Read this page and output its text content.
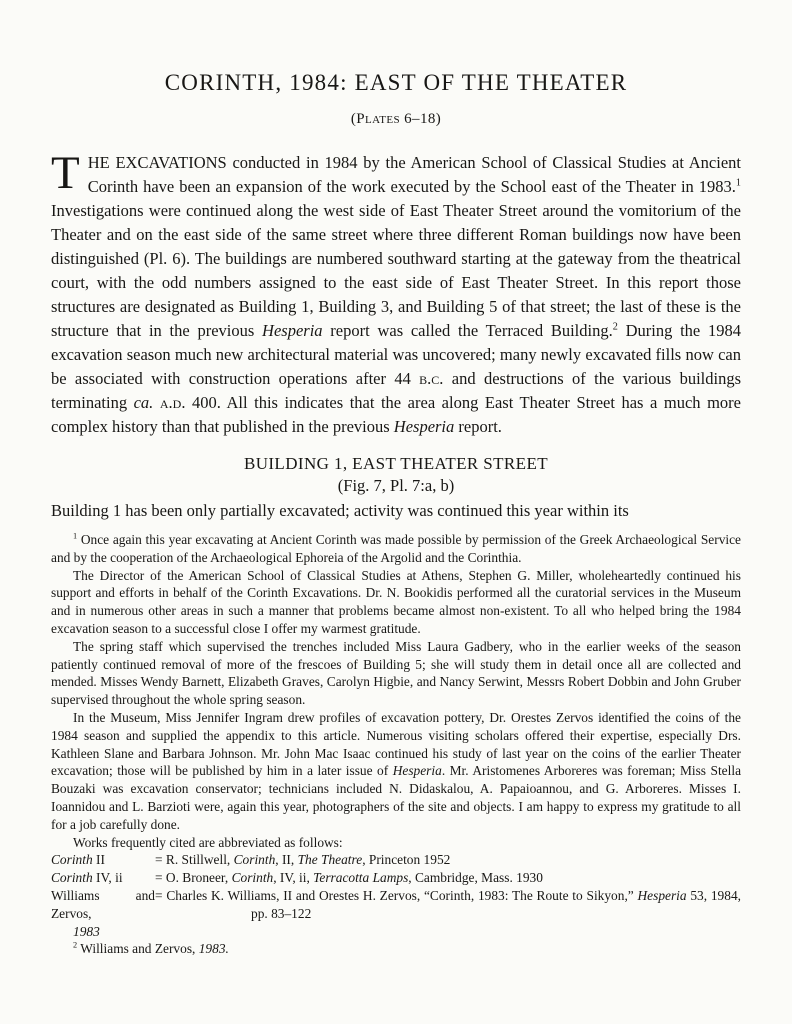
CORINTH, 1984: EAST OF THE THEATER
(Plates 6–18)

THE EXCAVATIONS conducted in 1984 by the American School of Classical Studies at Ancient Corinth have been an expansion of the work executed by the School east of the Theater in 1983.$^1$ Investigations were continued along the west side of East Theater Street around the vomitorium of the Theater and on the east side of the same street where three different Roman buildings now have been distinguished (Pl. 6). The buildings are numbered southward starting at the gateway from the theatrical court, with the odd numbers assigned to the east side of East Theater Street. In this report those structures are designated as Building 1, Building 3, and Building 5 of that street; the last of these is the structure that in the previous Hesperia report was called the Terraced Building.$^2$ During the 1984 excavation season much new architectural material was uncovered; many newly excavated fills now can be associated with construction operations after 44 b.c. and destructions of the various buildings terminating ca. a.d. 400. All this indicates that the area along East Theater Street has a much more complex history than that published in the previous Hesperia report.

BUILDING 1, EAST THEATER STREET
(Fig. 7, Pl. 7:a, b)

Building 1 has been only partially excavated; activity was continued this year within its

$^1$ Once again this year excavating at Ancient Corinth was made possible by permission of the Greek Archaeological Service and by the cooperation of the Archaeological Ephoreia of the Argolid and the Corinthia.

The Director of the American School of Classical Studies at Athens, Stephen G. Miller, wholeheartedly continued his support and efforts in behalf of the Corinth Excavations. Dr. N. Bookidis performed all the curatorial services in the Museum and in numerous other areas in such a manner that problems became almost non-existent. To all who helped bring the 1984 excavation season to a successful close I offer my warmest gratitude.

The spring staff which supervised the trenches included Miss Laura Gadbery, who in the earlier weeks of the season patiently continued removal of more of the frescoes of Building 5; she will study them in detail once all are collected and mended. Misses Wendy Barnett, Elizabeth Graves, Carolyn Higbie, and Nancy Serwint, Messrs Robert Dobbin and John Gruber supervised throughout the whole spring season.

In the Museum, Miss Jennifer Ingram drew profiles of excavation pottery, Dr. Orestes Zervos identified the coins of the 1984 season and supplied the appendix to this article. Numerous visiting scholars offered their expertise, especially Drs. Kathleen Slane and Barbara Johnson. Mr. John Mac Isaac continued his study of last year on the coins of the earlier Theater excavation; those will be published by him in a later issue of Hesperia. Mr. Aristomenes Arboreres was foreman; Miss Stella Bouzaki was excavation conservator; technicians included N. Didaskalou, A. Papaioannou, and G. Arboreres. Misses I. Ioannidou and L. Barzioti were, again this year, photographers of the site and objects. I am happy to express my gratitude to all for a job carefully done.

Works frequently cited are abbreviated as follows:

Corinth II	= R. Stillwell, Corinth, II, The Theatre, Princeton 1952
Corinth IV, ii	= O. Broneer, Corinth, IV, ii, Terracotta Lamps, Cambridge, Mass. 1930
Williams and Zervos,
1983
= Charles K. Williams, II and Orestes H. Zervos, “Corinth, 1983: The Route to Sikyon,” Hesperia 53, 1984, pp. 83–122

$^2$ Williams and Zervos, 1983.
